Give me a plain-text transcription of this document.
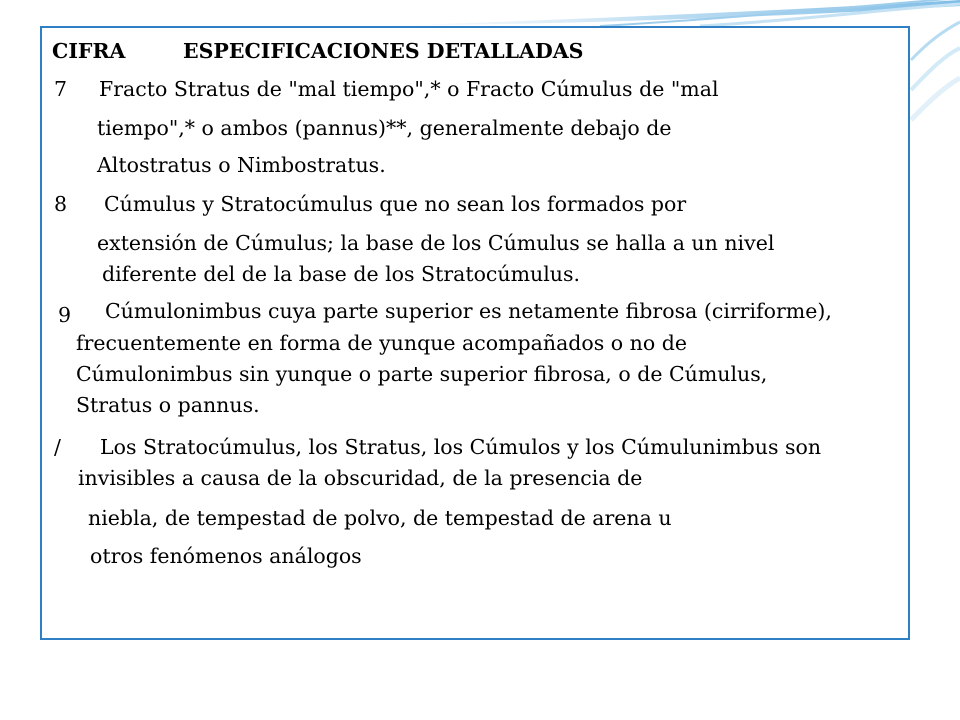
CIFRA	ESPECIFICACIONES DETALLADAS
7 Fracto Stratus de "mal tiempo",* o Fracto Cúmulus de "mal
tiempo",* o ambos (pannus)**, generalmente debajo de
Altostratus o Nimbostratus.
8 Cúmulus y Stratocúmulus que no sean los formados por
extensión de Cúmulus; la base de los Cúmulus se halla a un nivel
diferente del de la base de los Stratocúmulus.
9 Cúmulonimbus cuya parte superior es netamente fibrosa (cirriforme),
frecuentemente en forma de yunque acompañados o no de
Cúmulonimbus sin yunque o parte superior fibrosa, o de Cúmulus,
Stratus o pannus.
/ Los Stratocúmulus, los Stratus, los Cúmulos y los Cúmulunimbus son
invisibles a causa de la obscuridad, de la presencia de
niebla, de tempestad de polvo, de tempestad de arena u
otros fenómenos análogos
